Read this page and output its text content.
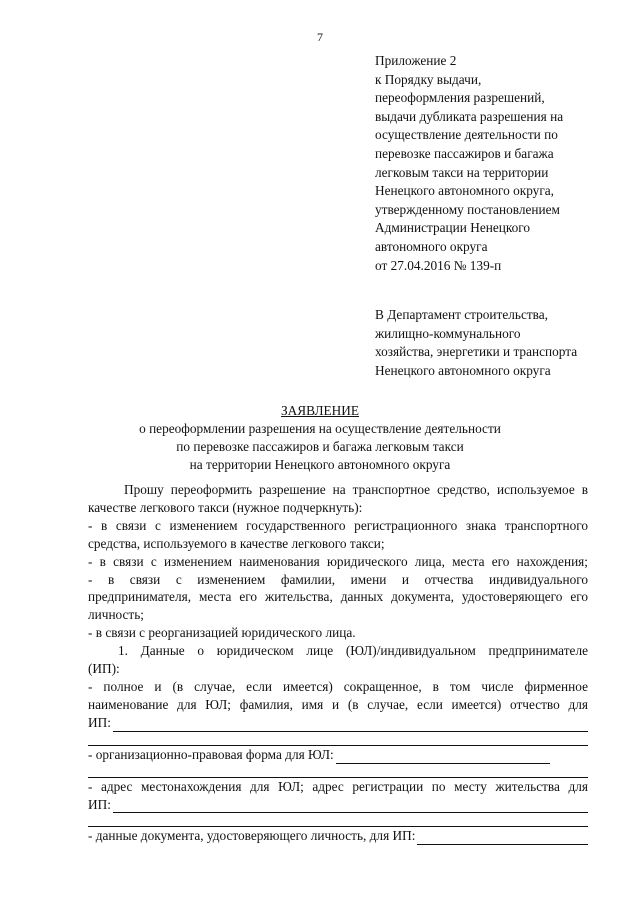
7
Приложение 2
к Порядку выдачи,
переоформления разрешений,
выдачи дубликата разрешения на
осуществление деятельности по
перевозке пассажиров и багажа
легковым такси на территории
Ненецкого автономного округа,
утвержденному постановлением
Администрации Ненецкого
автономного округа
от 27.04.2016 № 139-п
В Департамент строительства,
жилищно-коммунального
хозяйства, энергетики и транспорта
Ненецкого автономного округа
ЗАЯВЛЕНИЕ
о переоформлении разрешения на осуществлениe деятельности
по перевозке пассажиров и багажа легковым такси
на территории Ненецкого автономного округа
Прошу переоформить разрешение на транспортное средство, используемое в
качестве легкового такси (нужное подчеркнуть):
- в связи с изменением государственного регистрационного знака транспортного
средства, используемого в качестве легкового такси;
- в связи с изменением наименования юридического лица, места его нахождения;
- в связи с изменением фамилии, имени и отчества индивидуального
предпринимателя, места его жительства, данных документа, удостоверяющего его
личность;
- в связи с реорганизацией юридического лица.
1. Данные о юридическом лице (ЮЛ)/индивидуальном предпринимателе
(ИП):
- полное и (в случае, если имеется) сокращенное, в том числе фирменное
наименование для ЮЛ; фамилия, имя и (в случае, если имеется) отчество для
ИП:
- организационно-правовая форма для ЮЛ:
- адрес местонахождения для ЮЛ; адрес регистрации по месту жительства для
ИП:
- данные документа, удостоверяющего личность, для ИП:
